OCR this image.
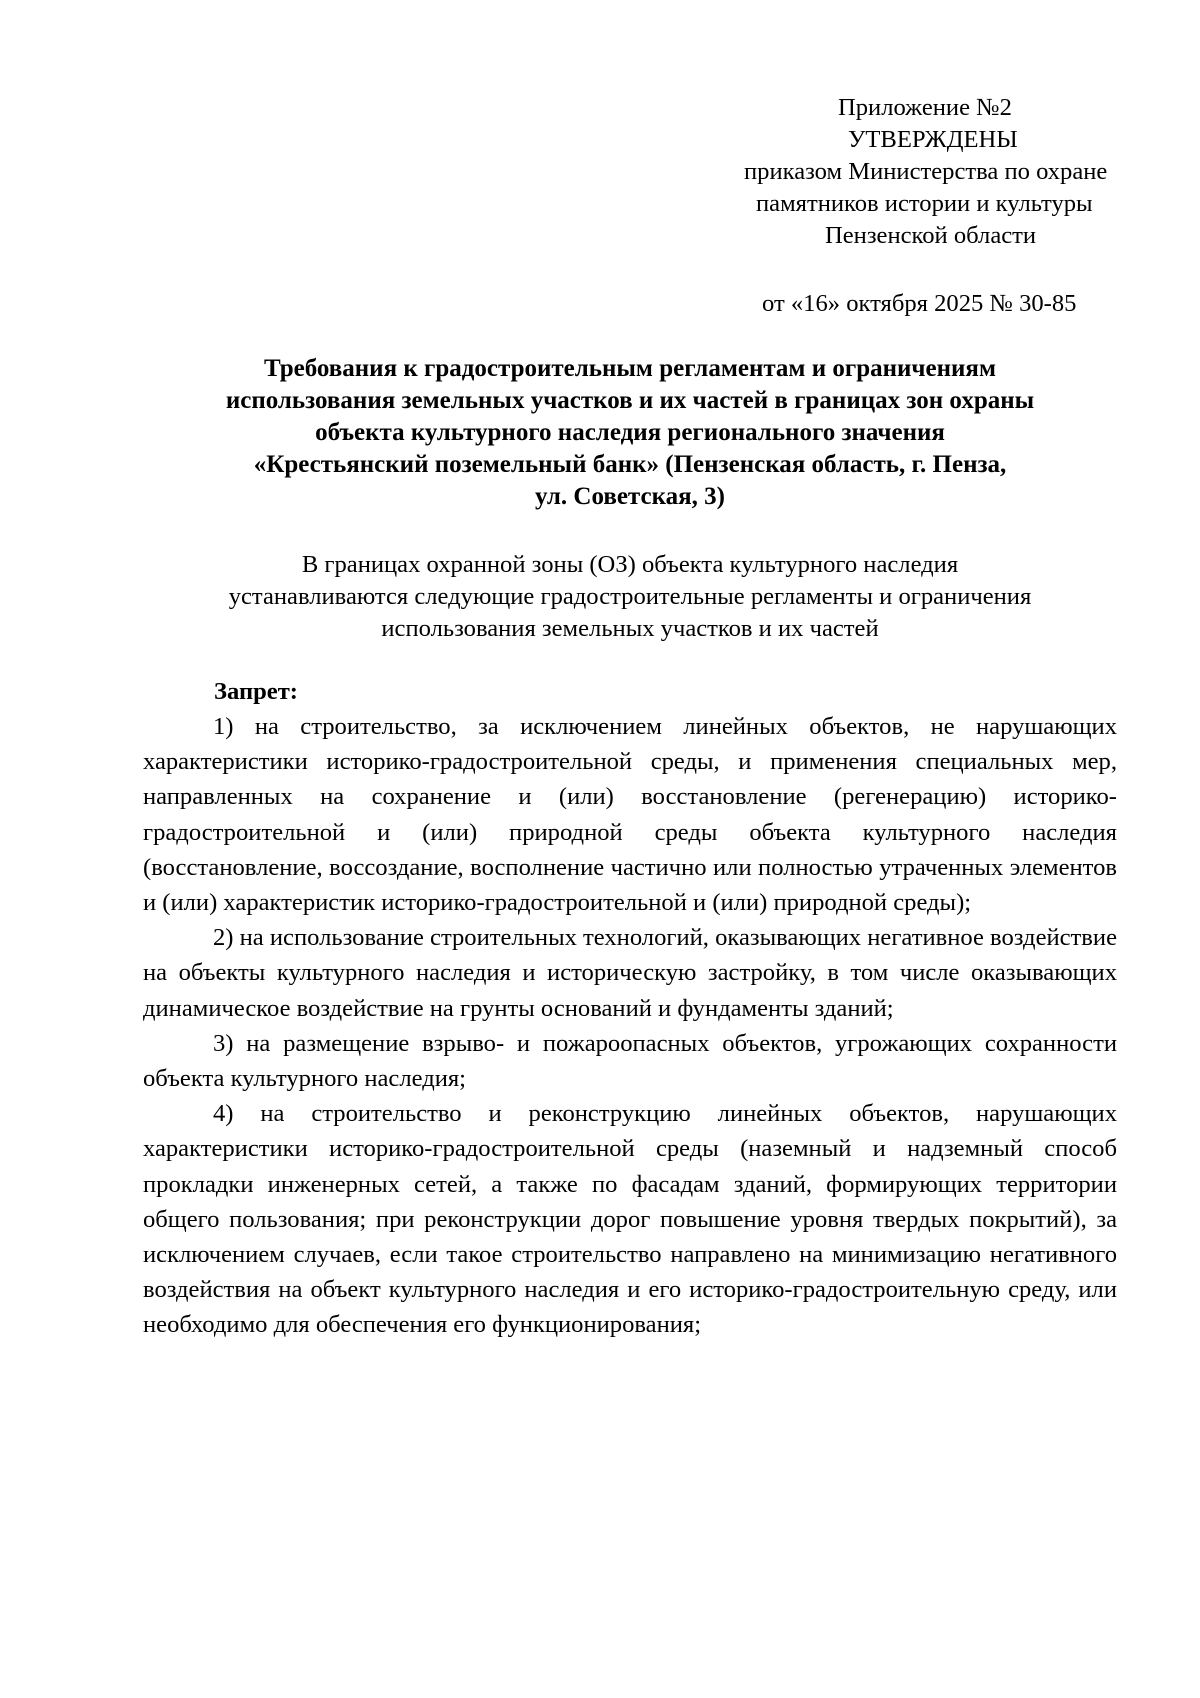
Приложение №2
УТВЕРЖДЕНЫ
приказом Министерства по охране
памятников истории и культуры
Пензенской области
от «16» октября 2025 № 30-85
Требования к градостроительным регламентам и ограничениям
использования земельных участков и их частей в границах зон охраны
объекта культурного наследия регионального значения
«Крестьянский поземельный банк» (Пензенская область, г. Пенза,
ул. Советская, 3)
В границах охранной зоны (ОЗ) объекта культурного наследия
устанавливаются следующие градостроительные регламенты и ограничения
использования земельных участков и их частей
Запрет:

1) на строительство, за исключением линейных объектов, не нарушающих характеристики историко-градостроительной среды, и применения специальных мер, направленных на сохранение и (или) восстановление (регенерацию) историко-градостроительной и (или) природной среды объекта культурного наследия (восстановление, воссоздание, восполнение частично или полностью утраченных элементов и (или) характеристик историко-градостроительной и (или) природной среды);

2) на использование строительных технологий, оказывающих негативное воздействие на объекты культурного наследия и историческую застройку, в том числе оказывающих динамическое воздействие на грунты оснований и фундаменты зданий;

3) на размещение взрыво- и пожароопасных объектов, угрожающих сохранности объекта культурного наследия;

4) на строительство и реконструкцию линейных объектов, нарушающих характеристики историко-градостроительной среды (наземный и надземный способ прокладки инженерных сетей, а также по фасадам зданий, формирующих территории общего пользования; при реконструкции дорог повышение уровня твердых покрытий), за исключением случаев, если такое строительство направлено на минимизацию негативного воздействия на объект культурного наследия и его историко-градостроительную среду, или необходимо для обеспечения его функционирования;
